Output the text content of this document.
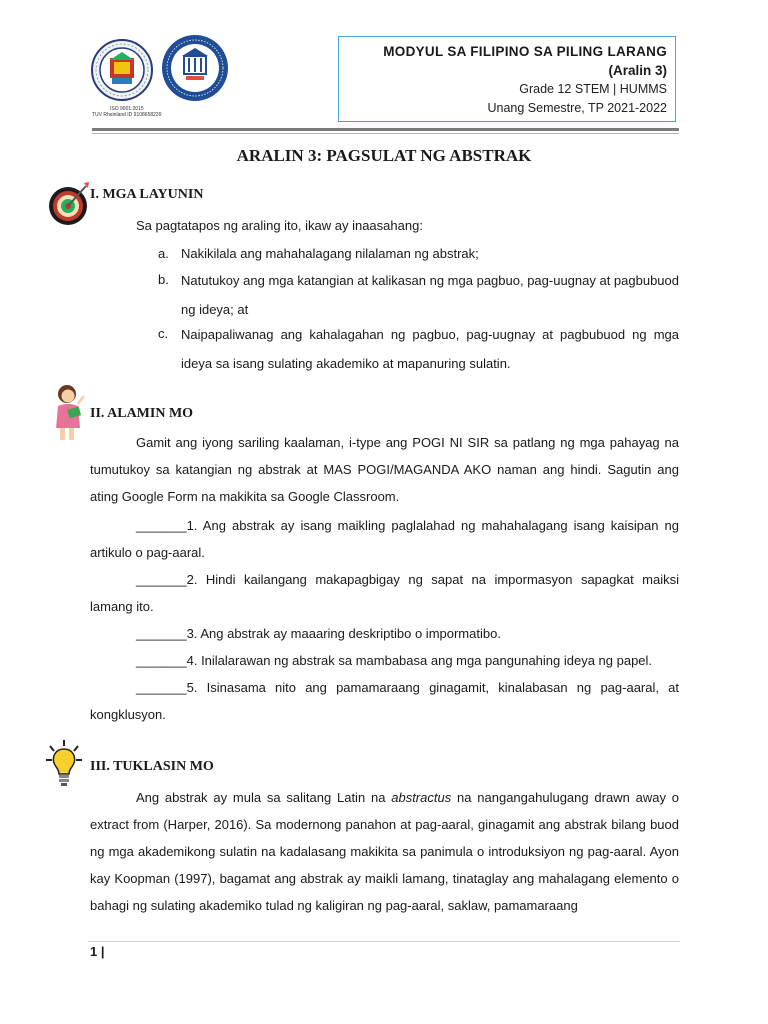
ISO 9001:2015
TUV Rheinland ID 9108658239
MODYUL SA FILIPINO SA PILING LARANG
(Aralin 3)
Grade 12 STEM | HUMMS
Unang Semestre, TP 2021-2022
ARALIN 3: PAGSULAT NG ABSTRAK
I. MGA LAYUNIN
Sa pagtatapos ng araling ito, ikaw ay inaasahang:
a. Nakikilala ang mahahalagang nilalaman ng abstrak;
b. Natutukoy ang mga katangian at kalikasan ng mga pagbuo, pag-uugnay at pagbubuod ng ideya; at
c. Naipapaliwanag ang kahalagahan ng pagbuo, pag-uugnay at pagbubuod ng mga ideya sa isang sulating akademiko at mapanuring sulatin.
II. ALAMIN MO
Gamit ang iyong sariling kaalaman, i-type ang POGI NI SIR sa patlang ng mga pahayag na tumutukoy sa katangian ng abstrak at MAS POGI/MAGANDA AKO naman ang hindi. Sagutin ang ating Google Form na makikita sa Google Classroom.
_______1. Ang abstrak ay isang maikling paglalahad ng mahahalagang isang kaisipan ng artikulo o pag-aaral.
_______2. Hindi kailangang makapagbigay ng sapat na impormasyon sapagkat maiksi lamang ito.
_______3. Ang abstrak ay maaaring deskriptibo o impormatibo.
_______4. Inilalarawan ng abstrak sa mambabasa ang mga pangunahing ideya ng papel.
_______5. Isinasama nito ang pamamaraang ginagamit, kinalabasan ng pag-aaral, at kongklusyon.
III. TUKLASIN MO
Ang abstrak ay mula sa salitang Latin na abstractus na nangangahulugang drawn away o extract from (Harper, 2016). Sa modernong panahon at pag-aaral, ginagamit ang abstrak bilang buod ng mga akademikong sulatin na kadalasang makikita sa panimula o introduksiyon ng pag-aaral. Ayon kay Koopman (1997), bagamat ang abstrak ay maikli lamang, tinataglay ang mahalagang elemento o bahagi ng sulating akademiko tulad ng kaligiran ng pag-aaral, saklaw, pamamaraang
1 |
